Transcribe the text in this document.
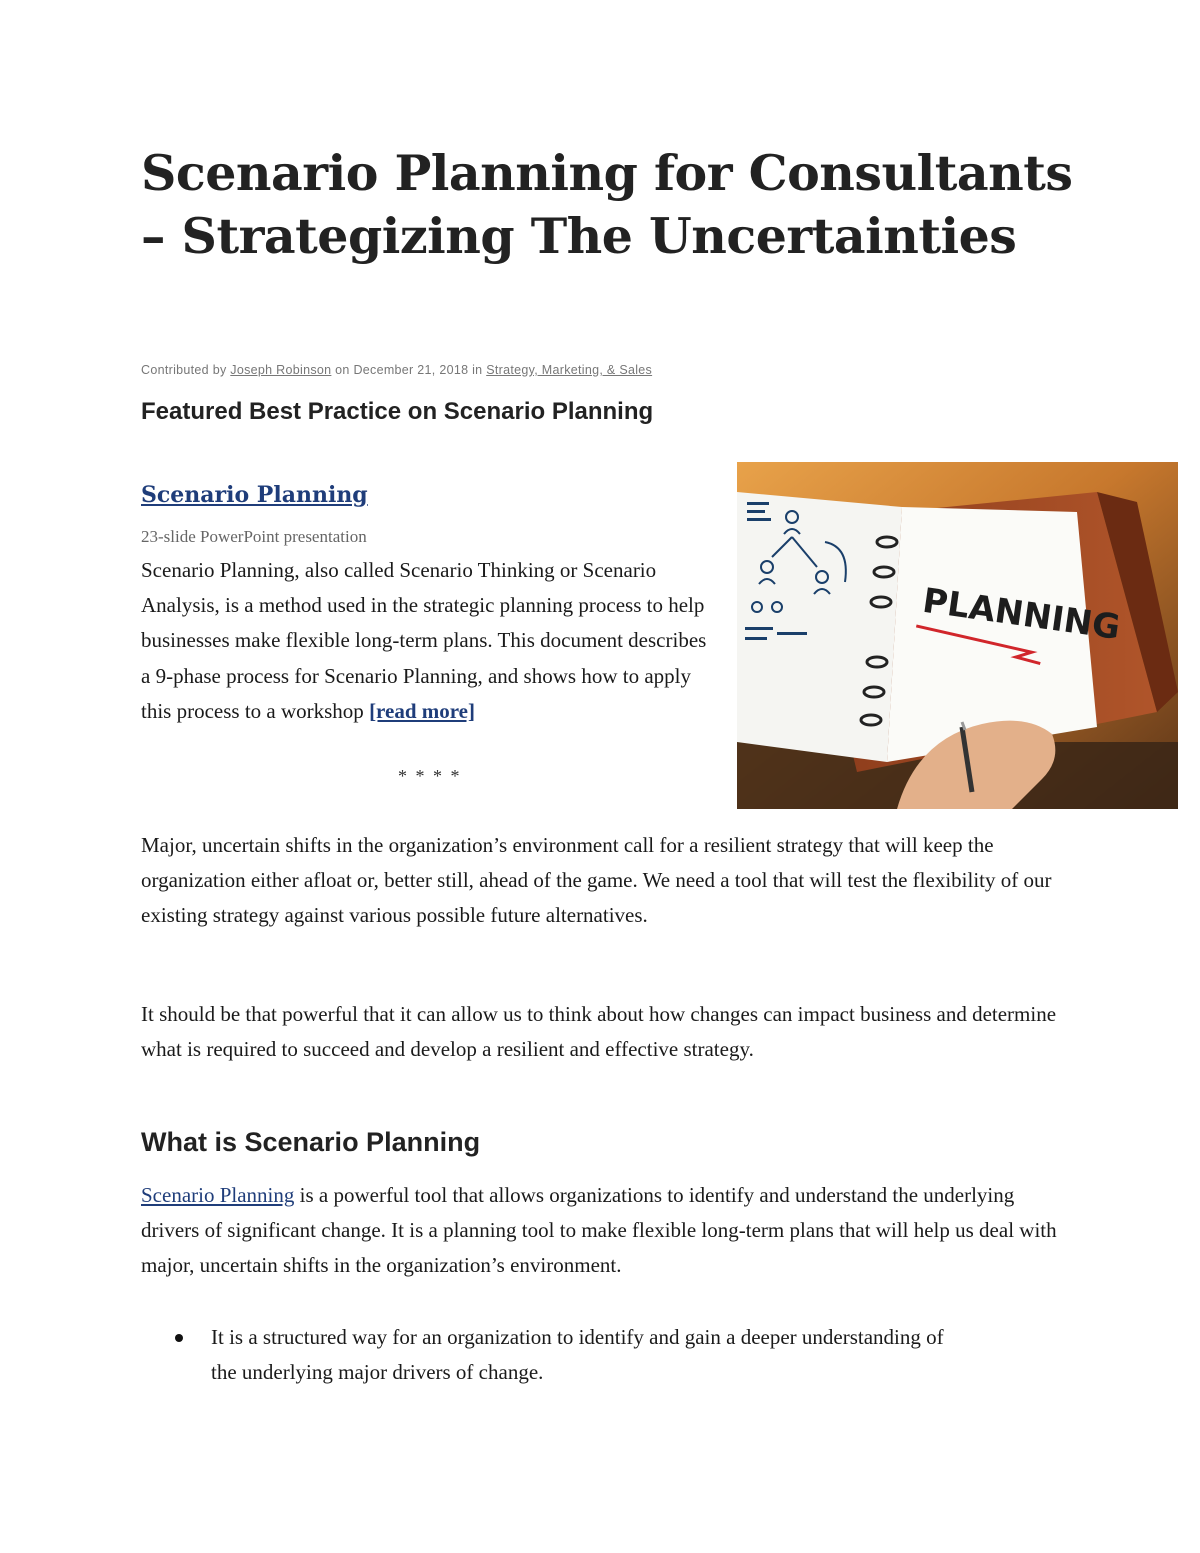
Scenario Planning for Consultants – Strategizing The Uncertainties
Contributed by Joseph Robinson on December 21, 2018 in Strategy, Marketing, & Sales
Featured Best Practice on Scenario Planning
Scenario Planning
23-slide PowerPoint presentation

Scenario Planning, also called Scenario Thinking or Scenario Analysis, is a method used in the strategic planning process to help businesses make flexible long-term plans. This document describes a 9-phase process for Scenario Planning, and shows how to apply this process to a workshop [read more]

* * * *
PLANNING

Major, uncertain shifts in the organization’s environment call for a resilient strategy that will keep the organization either afloat or, better still, ahead of the game. We need a tool that will test the flexibility of our existing strategy against various possible future alternatives.

It should be that powerful that it can allow us to think about how changes can impact business and determine what is required to succeed and develop a resilient and effective strategy.

What is Scenario Planning

Scenario Planning is a powerful tool that allows organizations to identify and understand the underlying drivers of significant change. It is a planning tool to make flexible long-term plans that will help us deal with major, uncertain shifts in the organization’s environment.

It is a structured way for an organization to identify and gain a deeper understanding of the underlying major drivers of change.
